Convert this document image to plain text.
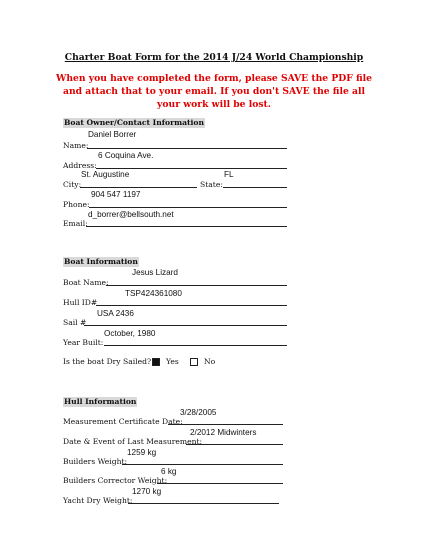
Charter Boat Form for the 2014 J/24 World Championship
When you have completed the form, please SAVE the PDF file
and attach that to your email. If you don't SAVE the file all
your work will be lost.
Boat Owner/Contact Information
Daniel Borrer
Name:
6 Coquina Ave.
Address:
St. Augustine	FL
City:	State:
904 547 1197
Phone:
d_borrer@bellsouth.net
Email:
Boat Information
Jesus Lizard
Boat Name:
TSP424361080
Hull ID#
USA 2436
Sail #
October, 1980
Year Built:
Is the boat Dry Sailed?	Yes	No
Hull Information
3/28/2005
Measurement Certificate Date:
2/2012 Midwinters
Date & Event of Last Measurement:
1259 kg
Builders Weight:
6 kg
Builders Corrector Weight:
1270 kg
Yacht Dry Weight:
